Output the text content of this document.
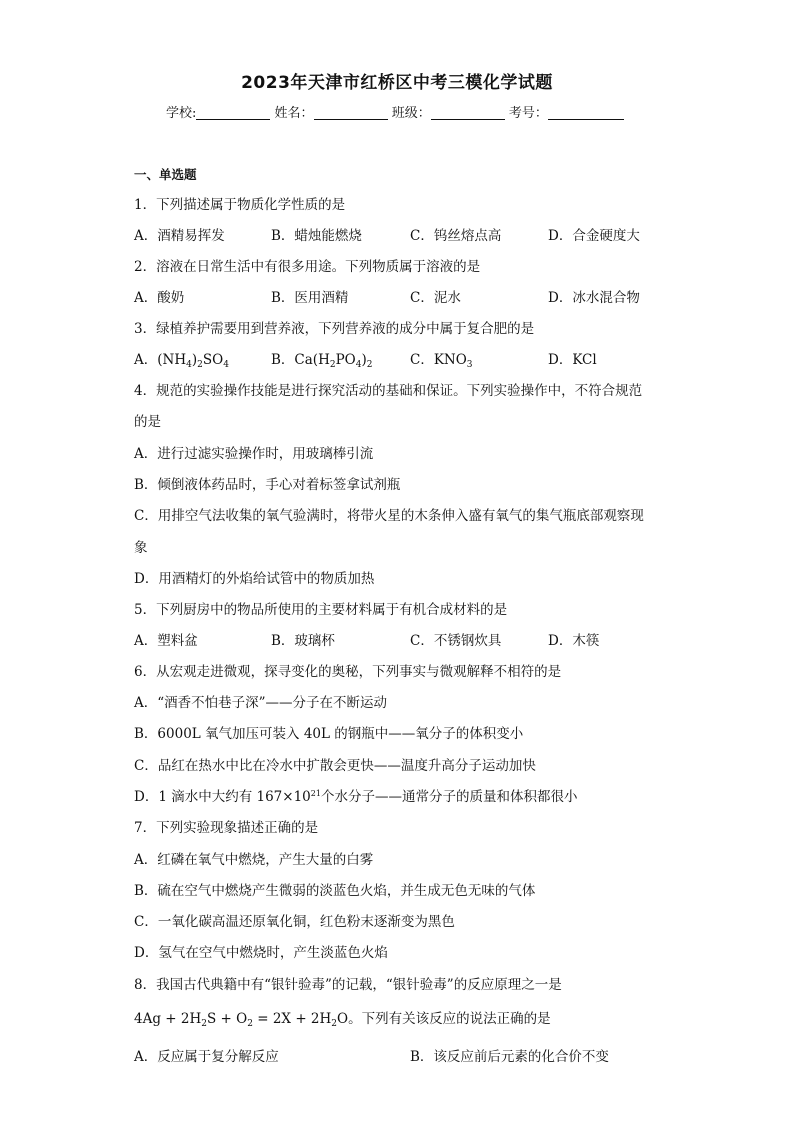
2023年天津市红桥区中考三模化学试题
学校:	姓名：	班级：	考号：
一、单选题
1．下列描述属于物质化学性质的是
A．酒精易挥发	B．蜡烛能燃烧	C．钨丝熔点高	D．合金硬度大
2．溶液在日常生活中有很多用途。下列物质属于溶液的是
A．酸奶	B．医用酒精	C．泥水	D．冰水混合物
3．绿植养护需要用到营养液，下列营养液的成分中属于复合肥的是
A．$(NH_4)_2SO_4$	B．$Ca(H_2PO_4)_2$	C．$KNO_3$	D．KCl
4．规范的实验操作技能是进行探究活动的基础和保证。下列实验操作中，不符合规范
的是
A．进行过滤实验操作时，用玻璃棒引流
B．倾倒液体药品时，手心对着标签拿试剂瓶
C．用排空气法收集的氧气验满时，将带火星的木条伸入盛有氧气的集气瓶底部观察现
象
D．用酒精灯的外焰给试管中的物质加热
5．下列厨房中的物品所使用的主要材料属于有机合成材料的是
A．塑料盆	B．玻璃杯	C．不锈钢炊具	D．木筷
6．从宏观走进微观，探寻变化的奥秘，下列事实与微观解释不相符的是
A．“酒香不怕巷子深”——分子在不断运动
B．6000L 氧气加压可装入 40L 的钢瓶中——氧分子的体积变小
C．品红在热水中比在冷水中扩散会更快——温度升高分子运动加快
D．1 滴水中大约有 $167\times 10^{21}$个水分子——通常分子的质量和体积都很小
7．下列实验现象描述正确的是
A．红磷在氧气中燃烧，产生大量的白雾
B．硫在空气中燃烧产生微弱的淡蓝色火焰，并生成无色无味的气体
C．一氧化碳高温还原氧化铜，红色粉末逐渐变为黑色
D．氢气在空气中燃烧时，产生淡蓝色火焰
8．我国古代典籍中有“银针验毒”的记载，“银针验毒”的反应原理之一是
$4Ag + 2H_2S + O_2 = 2X + 2H_2O$。下列有关该反应的说法正确的是
A．反应属于复分解反应	B．该反应前后元素的化合价不变
